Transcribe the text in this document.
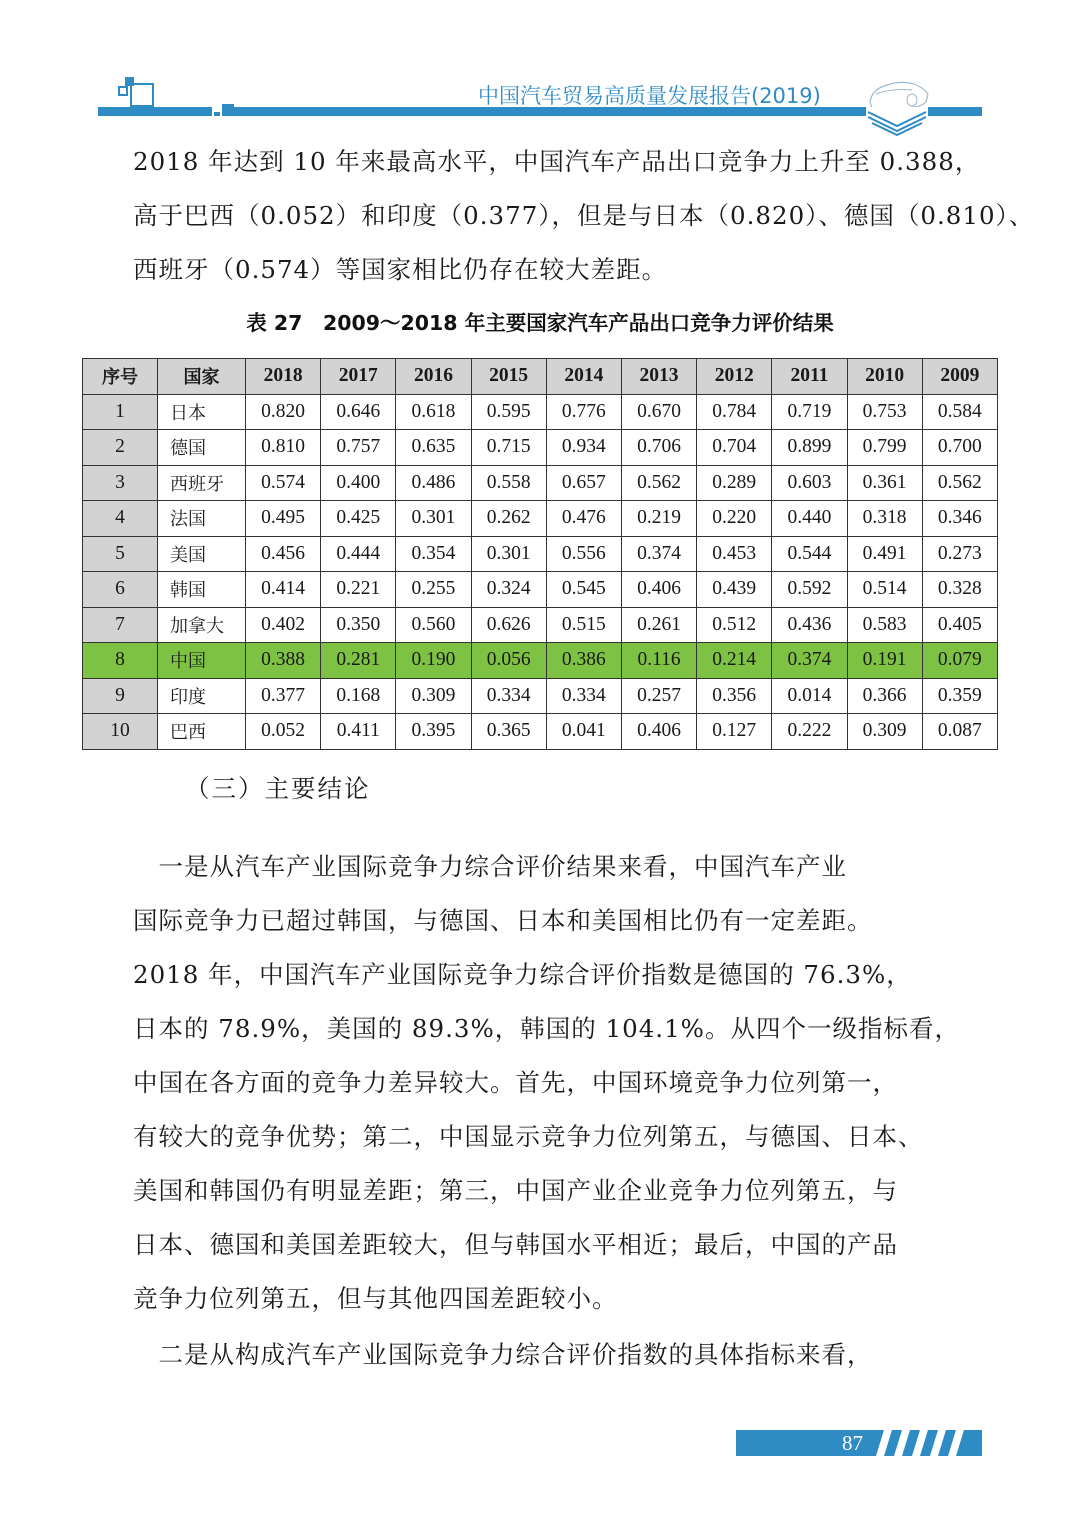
中国汽车贸易高质量发展报告(2019)
2018 年达到 10 年来最高水平，中国汽车产品出口竞争力上升至 0.388，
高于巴西（0.052）和印度（0.377），但是与日本（0.820）、德国（0.810）、
西班牙（0.574）等国家相比仍存在较大差距。
表 27　2009～2018 年主要国家汽车产品出口竞争力评价结果
序号	国家	2018	2017	2016	2015	2014	2013	2012	2011	2010	2009
1	日本	0.820	0.646	0.618	0.595	0.776	0.670	0.784	0.719	0.753	0.584
2	德国	0.810	0.757	0.635	0.715	0.934	0.706	0.704	0.899	0.799	0.700
3	西班牙	0.574	0.400	0.486	0.558	0.657	0.562	0.289	0.603	0.361	0.562
4	法国	0.495	0.425	0.301	0.262	0.476	0.219	0.220	0.440	0.318	0.346
5	美国	0.456	0.444	0.354	0.301	0.556	0.374	0.453	0.544	0.491	0.273
6	韩国	0.414	0.221	0.255	0.324	0.545	0.406	0.439	0.592	0.514	0.328
7	加拿大	0.402	0.350	0.560	0.626	0.515	0.261	0.512	0.436	0.583	0.405
8	中国	0.388	0.281	0.190	0.056	0.386	0.116	0.214	0.374	0.191	0.079
9	印度	0.377	0.168	0.309	0.334	0.334	0.257	0.356	0.014	0.366	0.359
10	巴西	0.052	0.411	0.395	0.365	0.041	0.406	0.127	0.222	0.309	0.087
（三）主要结论
　一是从汽车产业国际竞争力综合评价结果来看，中国汽车产业
国际竞争力已超过韩国，与德国、日本和美国相比仍有一定差距。
2018 年，中国汽车产业国际竞争力综合评价指数是德国的 76.3%，
日本的 78.9%，美国的 89.3%，韩国的 104.1%。从四个一级指标看，
中国在各方面的竞争力差异较大。首先，中国环境竞争力位列第一，
有较大的竞争优势；第二，中国显示竞争力位列第五，与德国、日本、
美国和韩国仍有明显差距；第三，中国产业企业竞争力位列第五，与
日本、德国和美国差距较大，但与韩国水平相近；最后，中国的产品
竞争力位列第五，但与其他四国差距较小。
　二是从构成汽车产业国际竞争力综合评价指数的具体指标来看，
87
